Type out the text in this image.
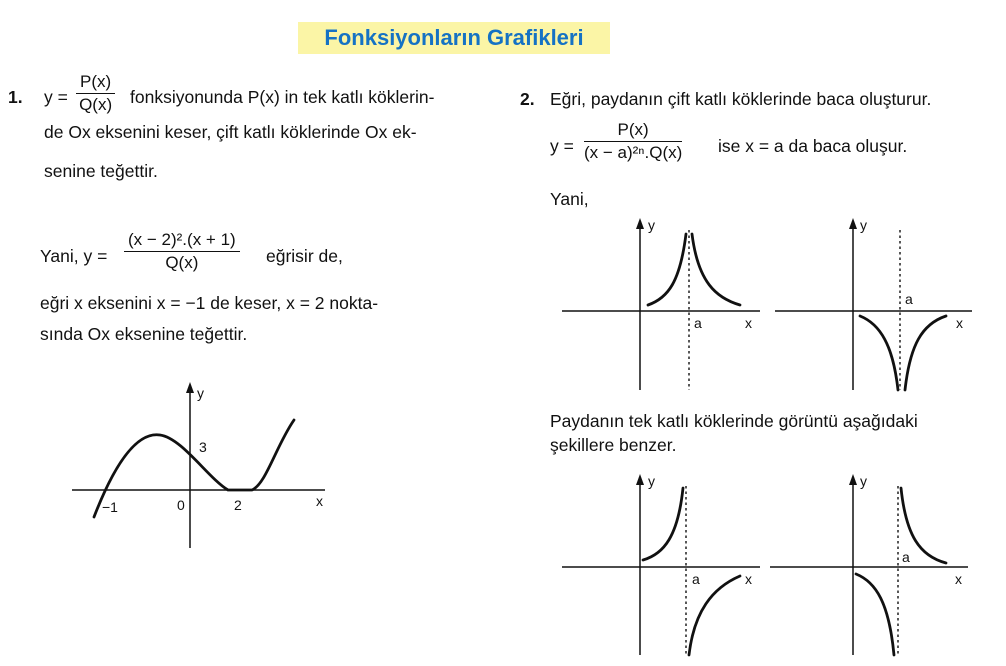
Fonksiyonların Grafikleri
1. $y = \frac{P(x)}{Q(x)}$ fonksiyonunda P(x) in tek katlı köklerin-
de Ox eksenini keser, çift katlı köklerinde Ox ek-
senine teğettir.
Yani, $y = \frac{\text{(x − 2)².(x + 1)}}{Q(x)}$ eğrisir de,
eğri x eksenini x = −1 de keser, x = 2 nokta-
sında Ox eksenine teğettir.
y
x
3
−1	0	2
2. Eğri, paydanın çift katlı köklerinde baca oluşturur.
$y = \frac{P(x)}{\text{(x − a)²ⁿ.Q(x)}}$ ise x = a da baca oluşur.
Yani,
Paydanın tek katlı köklerinde görüntü aşağıdaki
şekillere benzer.
y
x
a
y
x
a
y
x
a
y
x
a
